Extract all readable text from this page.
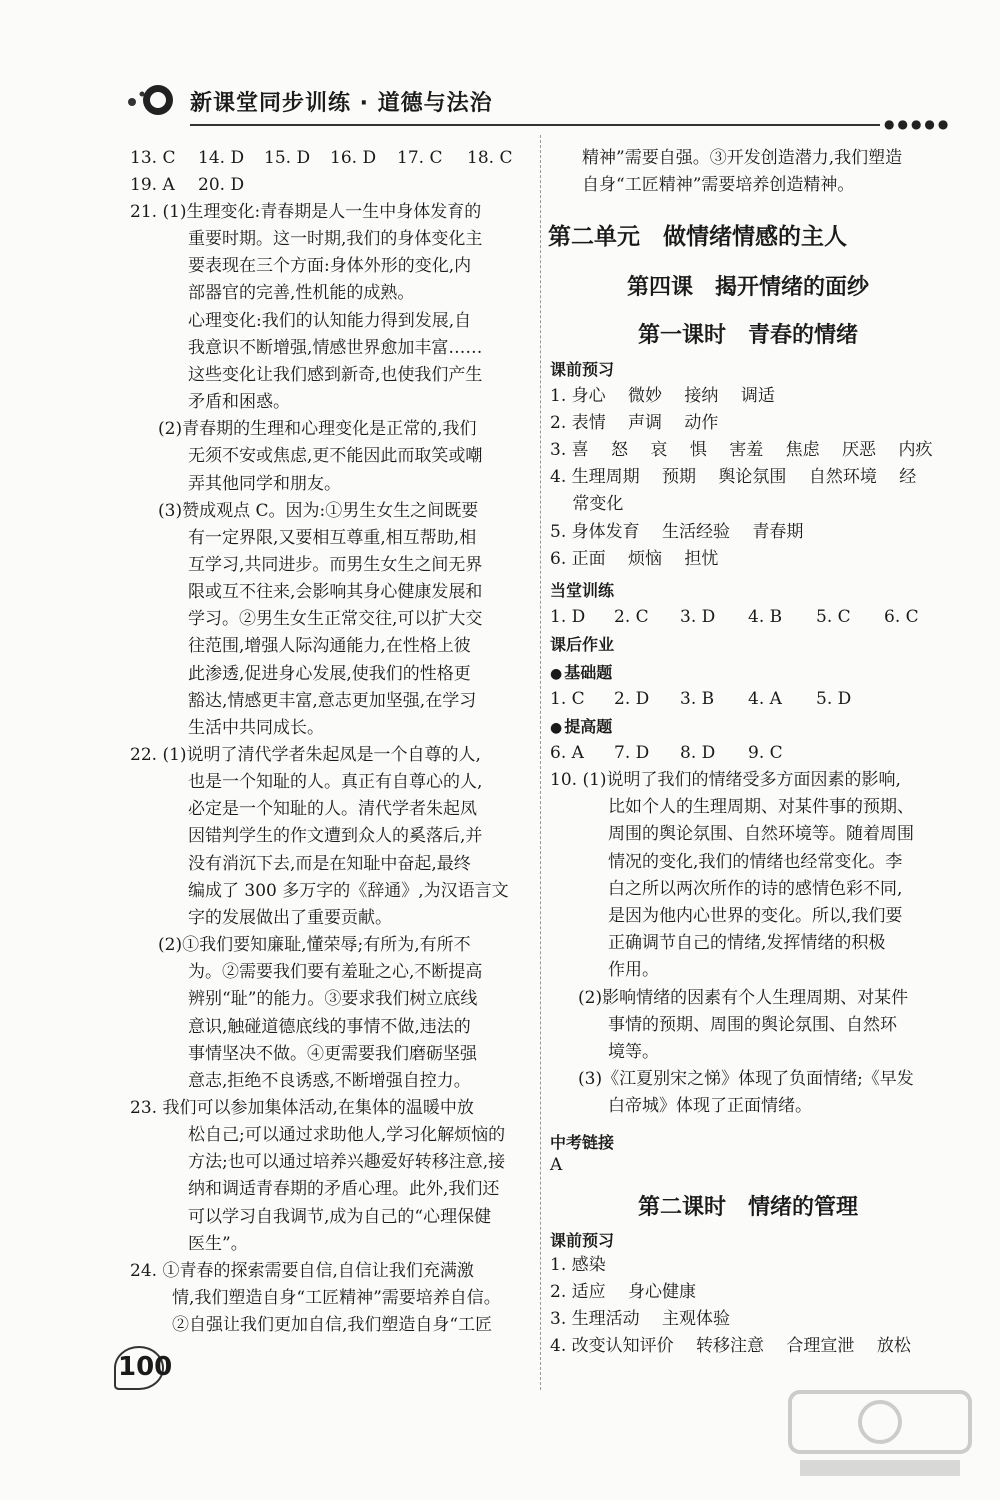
新课堂同步训练 · 道德与法治
●●●●●
13. C 14. D 15. D 16. D 17. C 18. C
19. A 20. D
21. (1)生理变化:青春期是人一生中身体发育的
重要时期。这一时期,我们的身体变化主
要表现在三个方面:身体外形的变化,内
部器官的完善,性机能的成熟。
心理变化:我们的认知能力得到发展,自
我意识不断增强,情感世界愈加丰富……
这些变化让我们感到新奇,也使我们产生
矛盾和困惑。
(2)青春期的生理和心理变化是正常的,我们
无须不安或焦虑,更不能因此而取笑或嘲
弄其他同学和朋友。
(3)赞成观点 C。因为:①男生女生之间既要
有一定界限,又要相互尊重,相互帮助,相
互学习,共同进步。而男生女生之间无界
限或互不往来,会影响其身心健康发展和
学习。②男生女生正常交往,可以扩大交
往范围,增强人际沟通能力,在性格上彼
此渗透,促进身心发展,使我们的性格更
豁达,情感更丰富,意志更加坚强,在学习
生活中共同成长。
22. (1)说明了清代学者朱起凤是一个自尊的人,
也是一个知耻的人。真正有自尊心的人,
必定是一个知耻的人。清代学者朱起凤
因错判学生的作文遭到众人的奚落后,并
没有消沉下去,而是在知耻中奋起,最终
编成了 300 多万字的《辞通》,为汉语言文
字的发展做出了重要贡献。
(2)①我们要知廉耻,懂荣辱;有所为,有所不
为。②需要我们要有羞耻之心,不断提高
辨别“耻”的能力。③要求我们树立底线
意识,触碰道德底线的事情不做,违法的
事情坚决不做。④更需要我们磨砺坚强
意志,拒绝不良诱惑,不断增强自控力。
23. 我们可以参加集体活动,在集体的温暖中放
松自己;可以通过求助他人,学习化解烦恼的
方法;也可以通过培养兴趣爱好转移注意,接
纳和调适青春期的矛盾心理。此外,我们还
可以学习自我调节,成为自己的“心理保健
医生”。
24. ①青春的探索需要自信,自信让我们充满激
情,我们塑造自身“工匠精神”需要培养自信。
②自强让我们更加自信,我们塑造自身“工匠
精神”需要自强。③开发创造潜力,我们塑造
自身“工匠精神”需要培养创造精神。
第二单元　做情绪情感的主人
第四课　揭开情绪的面纱
第一课时　青春的情绪
课前预习
1. 身心　 微妙　 接纳　 调适
2. 表情　 声调　 动作
3. 喜　 怒　 哀　 惧　 害羞　 焦虑　 厌恶　 内疚
4. 生理周期　 预期　 舆论氛围　 自然环境　 经
　 常变化
5. 身体发育　 生活经验　 青春期
6. 正面　 烦恼　 担忧
当堂训练
1. D 2. C 3. D 4. B 5. C 6. C
课后作业
● 基础题
1. C 2. D 3. B 4. A 5. D
● 提高题
6. A 7. D 8. D 9. C
10. (1)说明了我们的情绪受多方面因素的影响,
比如个人的生理周期、对某件事的预期、
周围的舆论氛围、自然环境等。随着周围
情况的变化,我们的情绪也经常变化。李
白之所以两次所作的诗的感情色彩不同,
是因为他内心世界的变化。所以,我们要
正确调节自己的情绪,发挥情绪的积极
作用。
(2)影响情绪的因素有个人生理周期、对某件
事情的预期、周围的舆论氛围、自然环
境等。
(3)《江夏别宋之悌》体现了负面情绪;《早发
白帝城》体现了正面情绪。
中考链接
A
第二课时　情绪的管理
课前预习
1. 感染
2. 适应　 身心健康
3. 生理活动　 主观体验
4. 改变认知评价　 转移注意　 合理宣泄　 放松
100
